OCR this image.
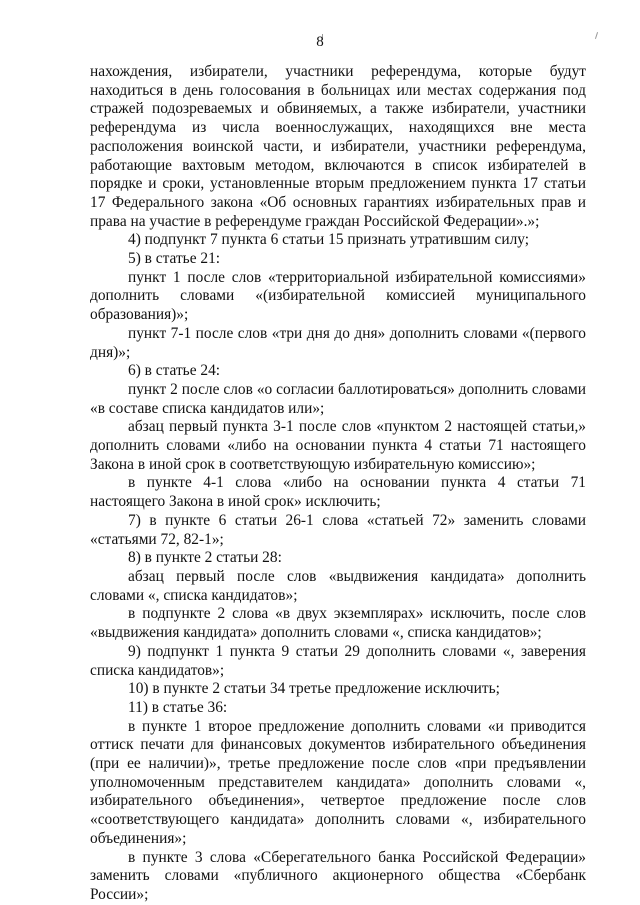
8

нахождения, избиратели, участники референдума, которые будут находиться в день голосования в больницах или местах содержания под стражей подозреваемых и обвиняемых, а также избиратели, участники референдума из числа военнослужащих, находящихся вне места расположения воинской части, и избиратели, участники референдума, работающие вахтовым методом, включаются в список избирателей в порядке и сроки, установленные вторым предложением пункта 17 статьи 17 Федерального закона «Об основных гарантиях избирательных прав и права на участие в референдуме граждан Российской Федерации».»;

4) подпункт 7 пункта 6 статьи 15 признать утратившим силу;

5) в статье 21:

пункт 1 после слов «территориальной избирательной комиссиями» дополнить словами «(избирательной комиссией муниципального образования)»;

пункт 7-1 после слов «три дня до дня» дополнить словами «(первого дня)»;

6) в статье 24:

пункт 2 после слов «о согласии баллотироваться» дополнить словами «в составе списка кандидатов или»;

абзац первый пункта 3-1 после слов «пунктом 2 настоящей статьи,» дополнить словами «либо на основании пункта 4 статьи 71 настоящего Закона в иной срок в соответствующую избирательную комиссию»;

в пункте 4-1 слова «либо на основании пункта 4 статьи 71 настоящего Закона в иной срок» исключить;

7) в пункте 6 статьи 26-1 слова «статьей 72» заменить словами «статьями 72, 82-1»;

8) в пункте 2 статьи 28:

абзац первый после слов «выдвижения кандидата» дополнить словами «, списка кандидатов»;

в подпункте 2 слова «в двух экземплярах» исключить, после слов «выдвижения кандидата» дополнить словами «, списка кандидатов»;

9) подпункт 1 пункта 9 статьи 29 дополнить словами «, заверения списка кандидатов»;

10) в пункте 2 статьи 34 третье предложение исключить;

11) в статье 36:

в пункте 1 второе предложение дополнить словами «и приводится оттиск печати для финансовых документов избирательного объединения (при ее наличии)», третье предложение после слов «при предъявлении уполномоченным представителем кандидата» дополнить словами «, избирательного объединения», четвертое предложение после слов «соответствующего кандидата» дополнить словами «, избирательного объединения»;

в пункте 3 слова «Сберегательного банка Российской Федерации» заменить словами «публичного акционерного общества «Сбербанк России»;
